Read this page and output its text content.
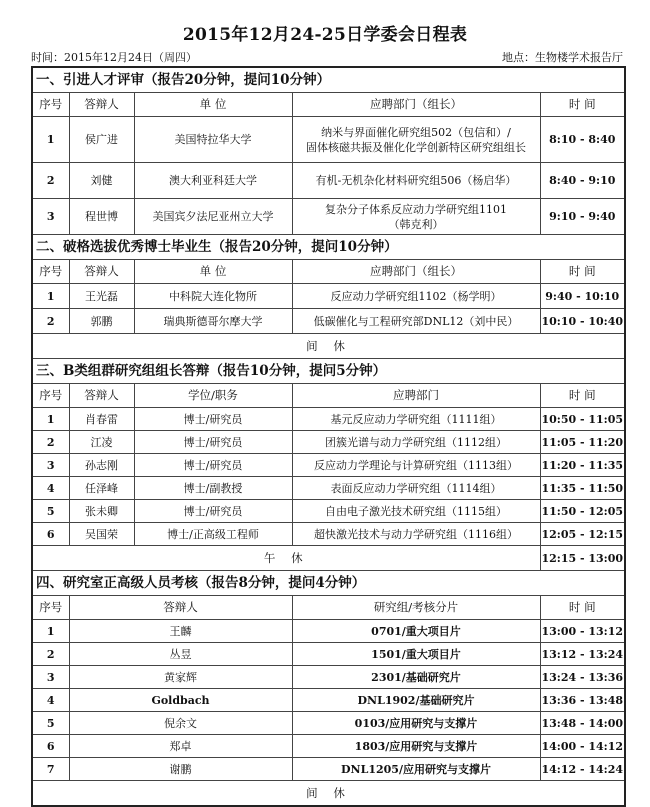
2015年12月24-25日学委会日程表
时间：2015年12月24日（周四）	地点：生物楼学术报告厅
一、引进人才评审（报告20分钟，提问10分钟）				
序号	答辩人	单 位	应聘部门（组长）	时 间
1	侯广进	美国特拉华大学	纳米与界面催化研究组502（包信和）/
固体核磁共振及催化化学创新特区研究组组长	8:10 - 8:40
2	刘健	澳大利亚科廷大学	有机-无机杂化材料研究组506（杨启华）	8:40 - 9:10
3	程世博	美国宾夕法尼亚州立大学	复杂分子体系反应动力学研究组1101
（韩克利）	9:10 - 9:40
二、破格选拔优秀博士毕业生（报告20分钟，提问10分钟）				
序号	答辩人	单 位	应聘部门（组长）	时 间
1	王光磊	中科院大连化物所	反应动力学研究组1102（杨学明）	9:40 - 10:10
2	郭鹏	瑞典斯德哥尔摩大学	低碳催化与工程研究部DNL12（刘中民）	10:10 - 10:40
间 休				
三、B类组群研究组组长答辩（报告10分钟，提问5分钟）				
序号	答辩人	学位/职务	应聘部门	时 间
1	肖春雷	博士/研究员	基元反应动力学研究组（1111组）	10:50 - 11:05
2	江凌	博士/研究员	团簇光谱与动力学研究组（1112组）	11:05 - 11:20
3	孙志刚	博士/研究员	反应动力学理论与计算研究组（1113组）	11:20 - 11:35
4	任泽峰	博士/副教授	表面反应动力学研究组（1114组）	11:35 - 11:50
5	张未卿	博士/研究员	自由电子激光技术研究组（1115组）	11:50 - 12:05
6	吴国荣	博士/正高级工程师	超快激光技术与动力学研究组（1116组）	12:05 - 12:15
午 休				12:15 - 13:00
四、研究室正高级人员考核（报告8分钟，提问4分钟）				
序号	答辩人		研究组/考核分片	时 间
1	王麟		0701/重大项目片	13:00 - 13:12
2	丛昱		1501/重大项目片	13:12 - 13:24
3	黄家辉		2301/基础研究片	13:24 - 13:36
4	Goldbach		DNL1902/基础研究片	13:36 - 13:48
5	倪余文		0103/应用研究与支撑片	13:48 - 14:00
6	郑卓		1803/应用研究与支撑片	14:00 - 14:12
7	谢鹏		DNL1205/应用研究与支撑片	14:12 - 14:24
间 休				
